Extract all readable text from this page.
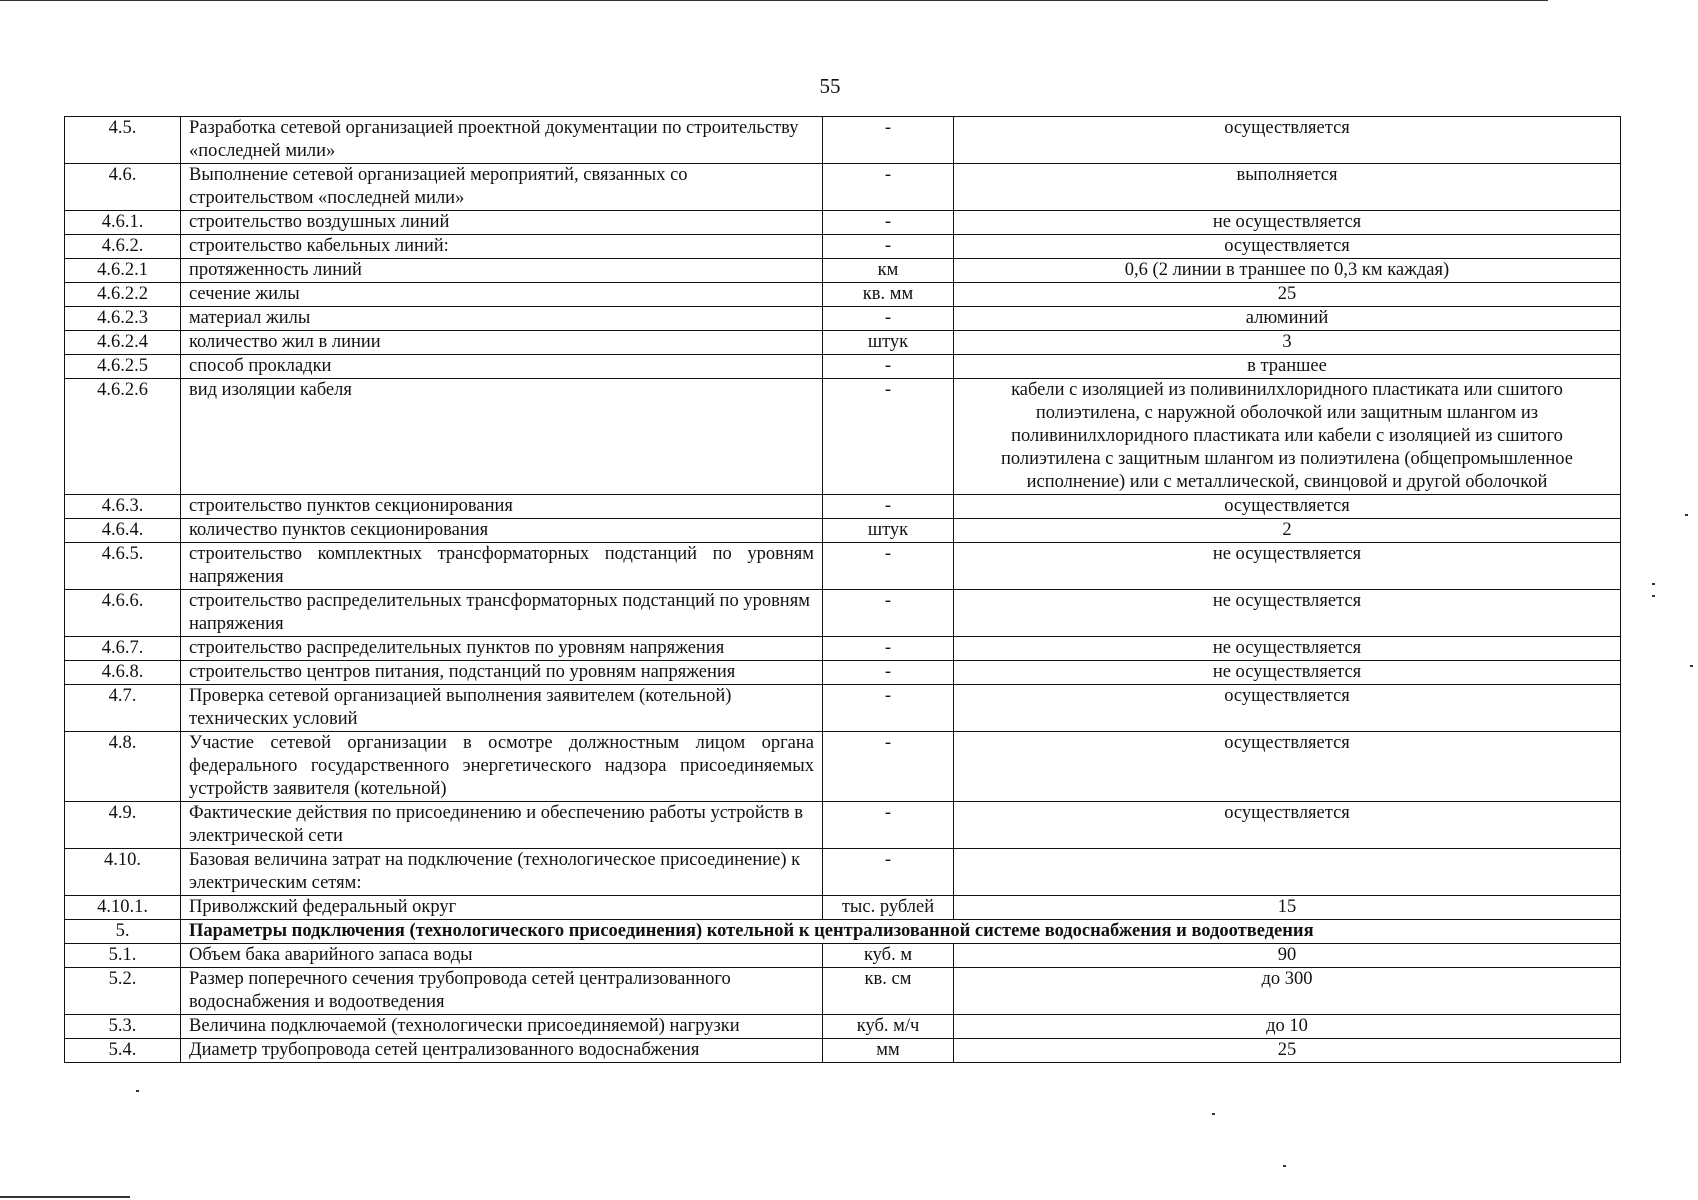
55
4.5.	Разработка сетевой организацией проектной документации по строительству «последней мили»	-	осуществляется
4.6.	Выполнение сетевой организацией мероприятий, связанных со строительством «последней мили»	-	выполняется
4.6.1.	строительство воздушных линий	-	не осуществляется
4.6.2.	строительство кабельных линий:	-	осуществляется
4.6.2.1	протяженность линий	км	0,6 (2 линии в траншее по 0,3 км каждая)
4.6.2.2	сечение жилы	кв. мм	25
4.6.2.3	материал жилы	-	алюминий
4.6.2.4	количество жил в линии	штук	3
4.6.2.5	способ прокладки	-	в траншее
4.6.2.6	вид изоляции кабеля	-	кабели с изоляцией из поливинилхлоридного пластиката или сшитого полиэтилена, с наружной оболочкой или защитным шлангом из поливинилхлоридного пластиката или кабели с изоляцией из сшитого полиэтилена с защитным шлангом из полиэтилена (общепромышленное исполнение) или с металлической, свинцовой и другой оболочкой
4.6.3.	строительство пунктов секционирования	-	осуществляется
4.6.4.	количество пунктов секционирования	штук	2
4.6.5.	строительство комплектных трансформаторных подстанций по уровням напряжения	-	не осуществляется
4.6.6.	строительство распределительных трансформаторных подстанций по уровням напряжения	-	не осуществляется
4.6.7.	строительство распределительных пунктов по уровням напряжения	-	не осуществляется
4.6.8.	строительство центров питания, подстанций по уровням напряжения	-	не осуществляется
4.7.	Проверка сетевой организацией выполнения заявителем (котельной) технических условий	-	осуществляется
4.8.	Участие сетевой организации в осмотре должностным лицом органа федерального государственного энергетического надзора присоединяемых устройств заявителя (котельной)	-	осуществляется
4.9.	Фактические действия по присоединению и обеспечению работы устройств в электрической сети	-	осуществляется
4.10.	Базовая величина затрат на подключение (технологическое присоединение) к электрическим сетям:	-	
4.10.1.	Приволжский федеральный округ	тыс. рублей	15
5.	Параметры подключения (технологического присоединения) котельной к централизованной системе водоснабжения и водоотведения		
5.1.	Объем бака аварийного запаса воды	куб. м	90
5.2.	Размер поперечного сечения трубопровода сетей централизованного водоснабжения и водоотведения	кв. см	до 300
5.3.	Величина подключаемой (технологически присоединяемой) нагрузки	куб. м/ч	до 10
5.4.	Диаметр трубопровода сетей централизованного водоснабжения	мм	25
